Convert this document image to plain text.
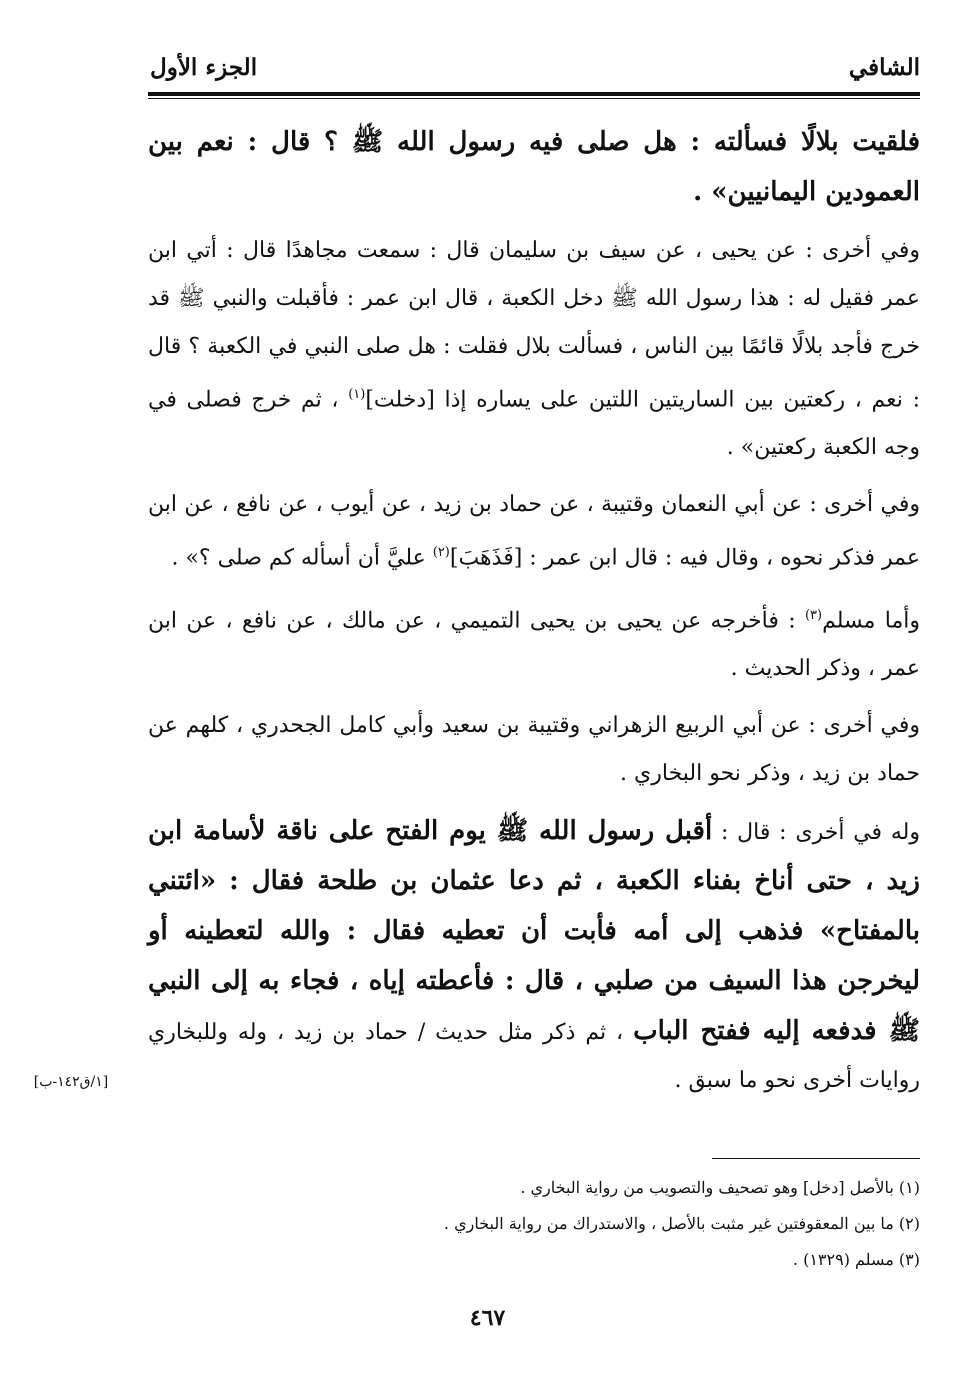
الشافي
الجزء الأول

فلقيت بلالًا فسألته : هل صلى فيه رسول الله ﷺ ؟ قال : نعم بين العمودين اليمانيين» .

وفي أخرى : عن يحيى ، عن سيف بن سليمان قال : سمعت مجاهدًا قال : أتي ابن عمر فقيل له : هذا رسول الله ﷺ دخل الكعبة ، قال ابن عمر : فأقبلت والنبي ﷺ قد خرج فأجد بلالًا قائمًا بين الناس ، فسألت بلال فقلت : هل صلى النبي في الكعبة ؟ قال : نعم ، ركعتين بين الساريتين اللتين على يساره إذا [دخلت]$^{(١)}$ ، ثم خرج فصلى في وجه الكعبة ركعتين» .

وفي أخرى : عن أبي النعمان وقتيبة ، عن حماد بن زيد ، عن أيوب ، عن نافع ، عن ابن عمر فذكر نحوه ، وقال فيه : قال ابن عمر : [فَذَهَبَ]$^{(٢)}$ عليَّ أن أسأله كم صلى ؟» .

وأما مسلم$^{(٣)}$ : فأخرجه عن يحيى بن يحيى التميمي ، عن مالك ، عن نافع ، عن ابن عمر ، وذكر الحديث .

وفي أخرى : عن أبي الربيع الزهراني وقتيبة بن سعيد وأبي كامل الجحدري ، كلهم عن حماد بن زيد ، وذكر نحو البخاري .

وله في أخرى : قال : أقبل رسول الله ﷺ يوم الفتح على ناقة لأسامة ابن زيد ، حتى أناخ بفناء الكعبة ، ثم دعا عثمان بن طلحة فقال : «ائتني بالمفتاح» فذهب إلى أمه فأبت أن تعطيه فقال : والله لتعطينه أو ليخرجن هذا السيف من صلبي ، قال : فأعطته إياه ، فجاء به إلى النبي ﷺ فدفعه إليه ففتح الباب ، ثم ذكر مثل حديث / حماد بن زيد ، وله وللبخاري روايات أخرى نحو ما سبق .

[١/ق١٤٢-ب]

(١) بالأصل [دخل] وهو تصحيف والتصويب من رواية البخاري .

(٢) ما بين المعقوفتين غير مثبت بالأصل ، والاستدراك من رواية البخاري .

(٣) مسلم (١٣٢٩) .

٤٦٧
